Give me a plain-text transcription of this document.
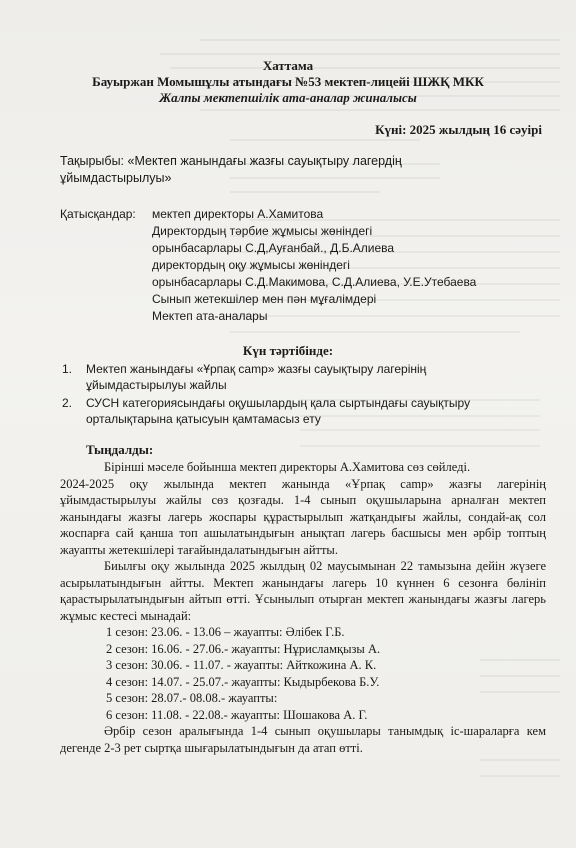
Хаттама
Бауыржан Момышұлы атындағы №53 мектеп-лицейі ШЖҚ МКК
Жалпы мектепшілік ата-аналар жиналысы
Күні: 2025 жылдың 16 сәуірі
Тақырыбы: «Мектеп жанындағы жазғы сауықтыру лагердің
ұйымдастырылуы»
Қатысқандар: мектеп директоры А.Хамитова
Директордың тәрбие жұмысы жөніндегі
орынбасарлары С.Д,Ауғанбай., Д.Б.Алиева
директордың оқу жұмысы жөніндегі
орынбасарлары С.Д.Макимова, С.Д.Алиева, У.Е.Утебаева
Сынып жетекшілер мен пән мұғалімдері
Мектеп ата-аналары
Күн тәртібінде:
1. Мектеп жанындағы «Ұрпақ camp» жазғы сауықтыру лагерінің
ұйымдастырылуы жайлы
2. СУСН категориясындағы оқушылардың қала сыртындағы сауықтыру
орталықтарына қатысуын қамтамасыз ету
Тыңдалды:

Бірінші мәселе бойынша мектеп директоры А.Хамитова сөз сөйледі.

2024-2025 оқу жылында мектеп жанында «Ұрпақ camp» жазғы лагерінің ұйымдастырылуы жайлы сөз қозғады. 1-4 сынып оқушыларына арналған мектеп жанындағы жазғы лагерь жоспары құрастырылып жатқандығы жайлы, сондай-ақ сол жоспарға сай қанша топ ашылатындығын анықтап лагерь басшысы мен әрбір топтың жауапты жетекшілері тағайындалатындығын айтты.

Биылғы оқу жылында 2025 жылдың 02 маусымынан 22 тамызына дейін жүзеге асырылатындығын айтты. Мектеп жанындағы лагерь 10 күннен 6 сезонға бөлініп қарастырылатындығын айтып өтті. Ұсынылып отырған мектеп жанындағы жазғы лагерь жұмыс кестесі мынадай:

1 сезон: 23.06. - 13.06 – жауапты: Әлібек Г.Б.
2 сезон: 16.06. - 27.06.- жауапты: Нұрисламқызы А.
3 сезон: 30.06. - 11.07. - жауапты: Айткожина А. К.
4 сезон: 14.07. - 25.07.- жауапты: Кыдырбекова Б.У.
5 сезон: 28.07.- 08.08.- жауапты:
6 сезон: 11.08. - 22.08.- жауапты: Шошакова А. Г.

Әрбір сезон аралығында 1-4 сынып оқушылары танымдық іс-шараларға кем дегенде 2-3 рет сыртқа шығарылатындығын да атап өтті.
